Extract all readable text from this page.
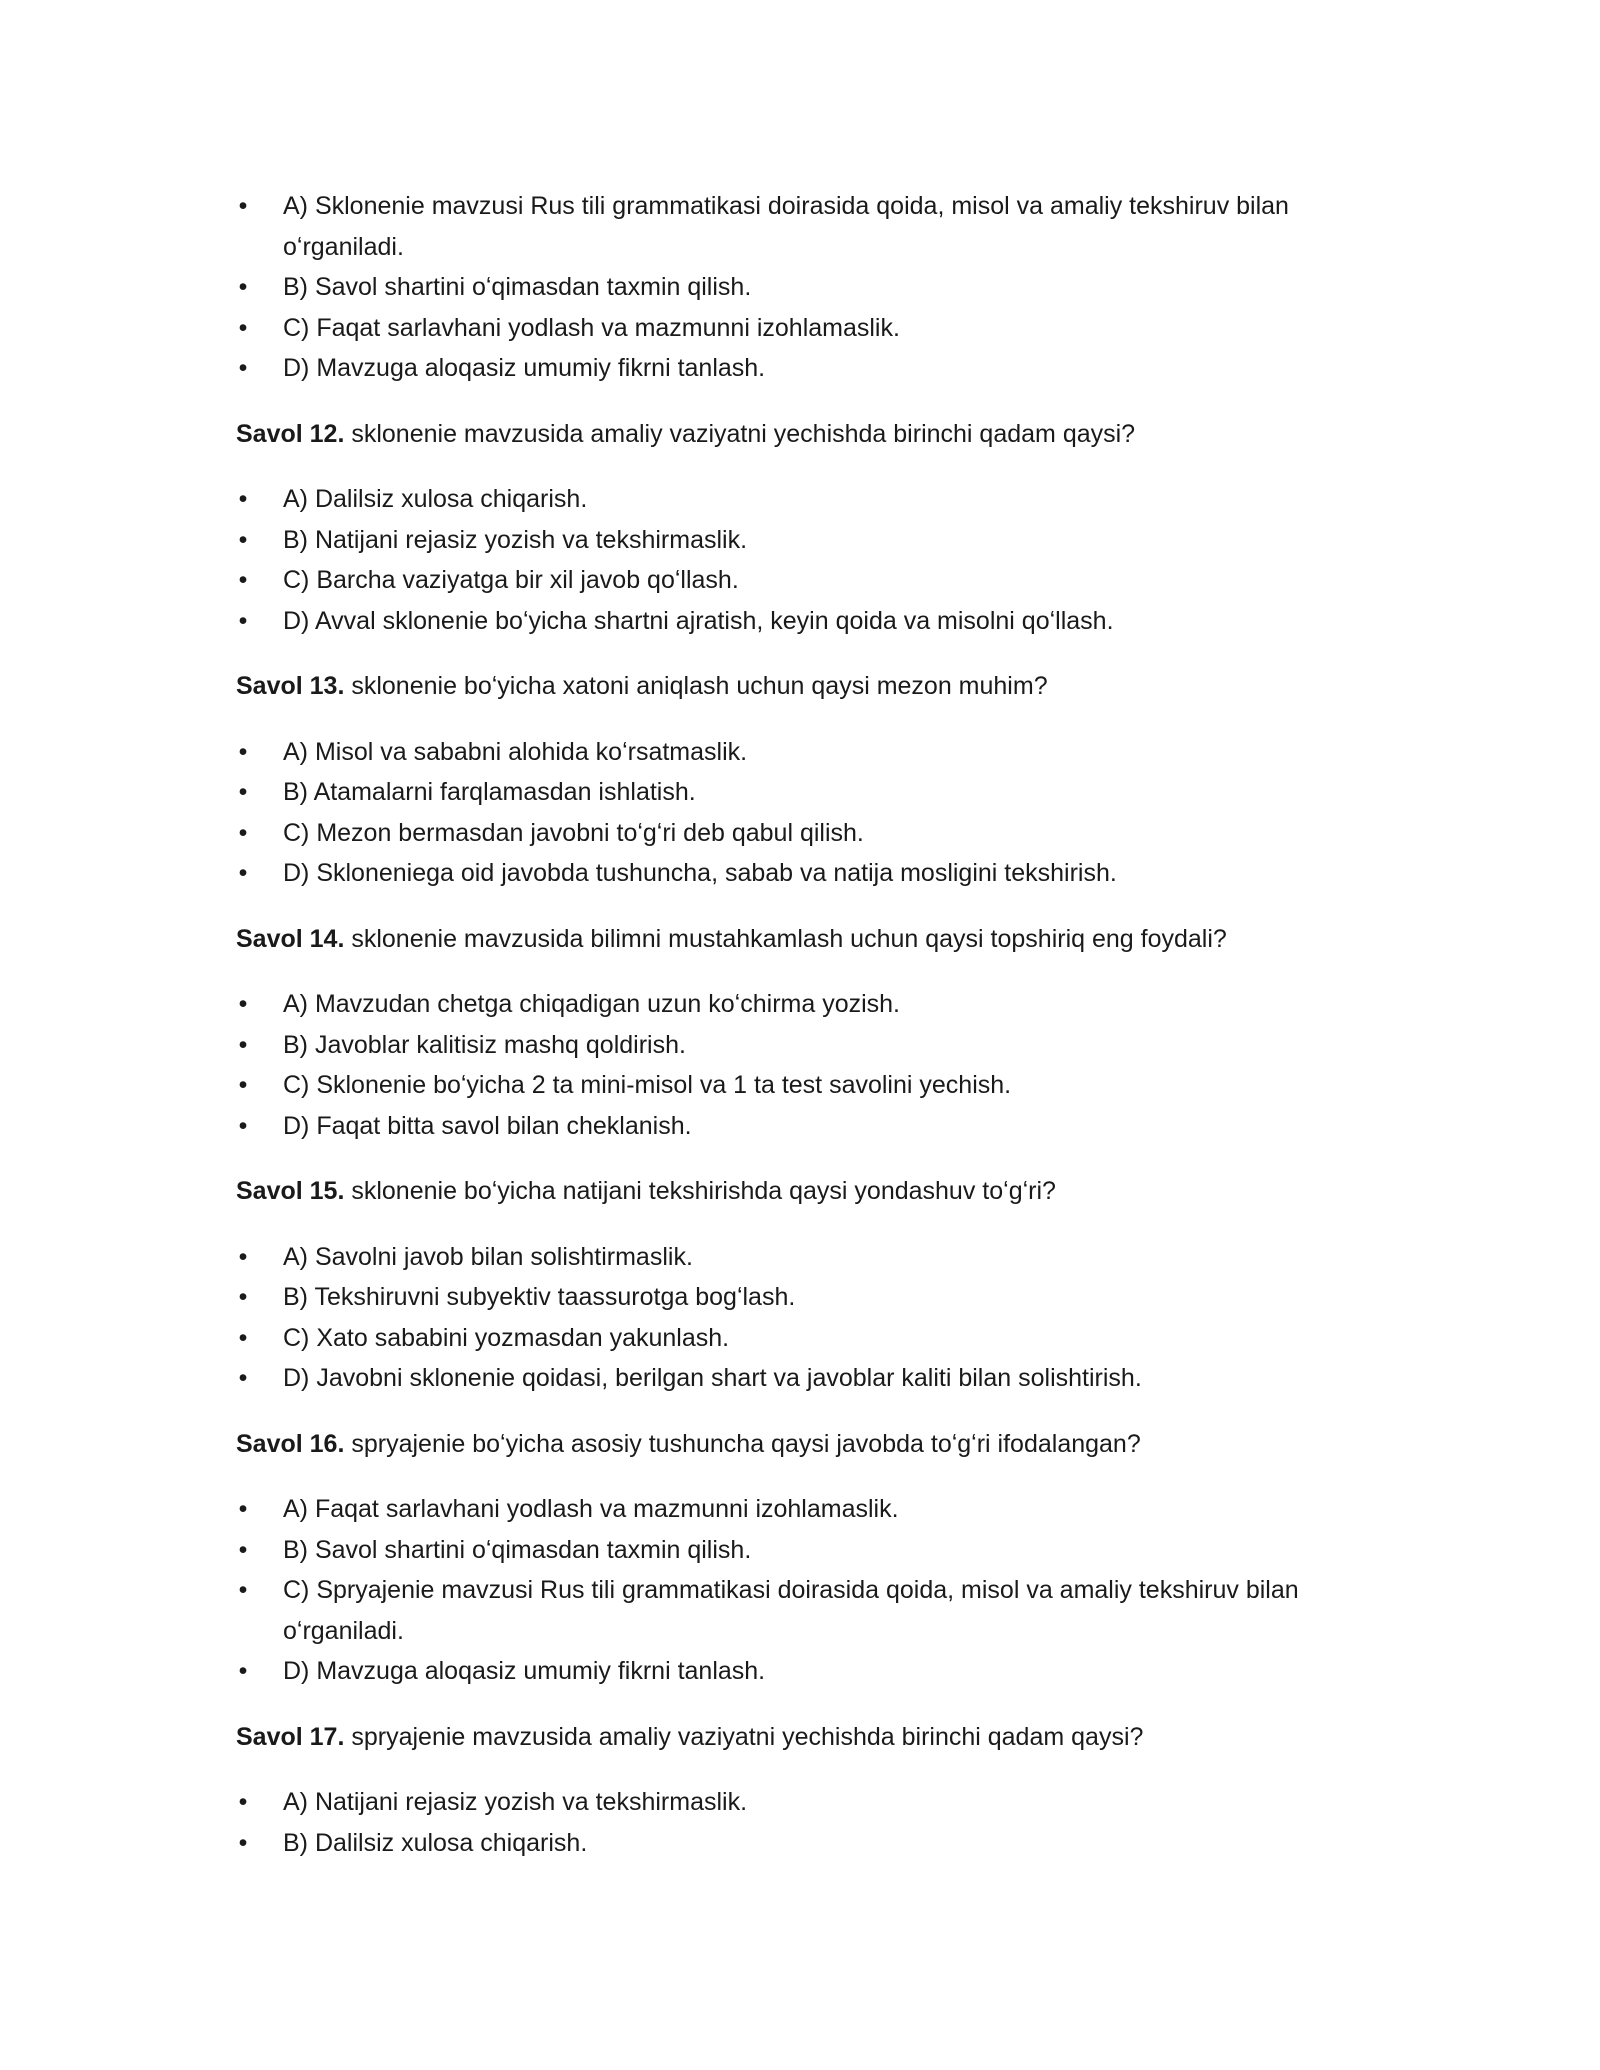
• A) Sklonenie mavzusi Rus tili grammatikasi doirasida qoida, misol va amaliy tekshiruv bilan oʻrganiladi.
• B) Savol shartini oʻqimasdan taxmin qilish.
• C) Faqat sarlavhani yodlash va mazmunni izohlamaslik.
• D) Mavzuga aloqasiz umumiy fikrni tanlash.
Savol 12. sklonenie mavzusida amaliy vaziyatni yechishda birinchi qadam qaysi?
• A) Dalilsiz xulosa chiqarish.
• B) Natijani rejasiz yozish va tekshirmaslik.
• C) Barcha vaziyatga bir xil javob qoʻllash.
• D) Avval sklonenie boʻyicha shartni ajratish, keyin qoida va misolni qoʻllash.
Savol 13. sklonenie boʻyicha xatoni aniqlash uchun qaysi mezon muhim?
• A) Misol va sababni alohida koʻrsatmaslik.
• B) Atamalarni farqlamasdan ishlatish.
• C) Mezon bermasdan javobni toʻgʻri deb qabul qilish.
• D) Skloneniega oid javobda tushuncha, sabab va natija mosligini tekshirish.
Savol 14. sklonenie mavzusida bilimni mustahkamlash uchun qaysi topshiriq eng foydali?
• A) Mavzudan chetga chiqadigan uzun koʻchirma yozish.
• B) Javoblar kalitisiz mashq qoldirish.
• C) Sklonenie boʻyicha 2 ta mini-misol va 1 ta test savolini yechish.
• D) Faqat bitta savol bilan cheklanish.
Savol 15. sklonenie boʻyicha natijani tekshirishda qaysi yondashuv toʻgʻri?
• A) Savolni javob bilan solishtirmaslik.
• B) Tekshiruvni subyektiv taassurotga bogʻlash.
• C) Xato sababini yozmasdan yakunlash.
• D) Javobni sklonenie qoidasi, berilgan shart va javoblar kaliti bilan solishtirish.
Savol 16. spryajenie boʻyicha asosiy tushuncha qaysi javobda toʻgʻri ifodalangan?
• A) Faqat sarlavhani yodlash va mazmunni izohlamaslik.
• B) Savol shartini oʻqimasdan taxmin qilish.
• C) Spryajenie mavzusi Rus tili grammatikasi doirasida qoida, misol va amaliy tekshiruv bilan oʻrganiladi.
• D) Mavzuga aloqasiz umumiy fikrni tanlash.
Savol 17. spryajenie mavzusida amaliy vaziyatni yechishda birinchi qadam qaysi?
• A) Natijani rejasiz yozish va tekshirmaslik.
• B) Dalilsiz xulosa chiqarish.
